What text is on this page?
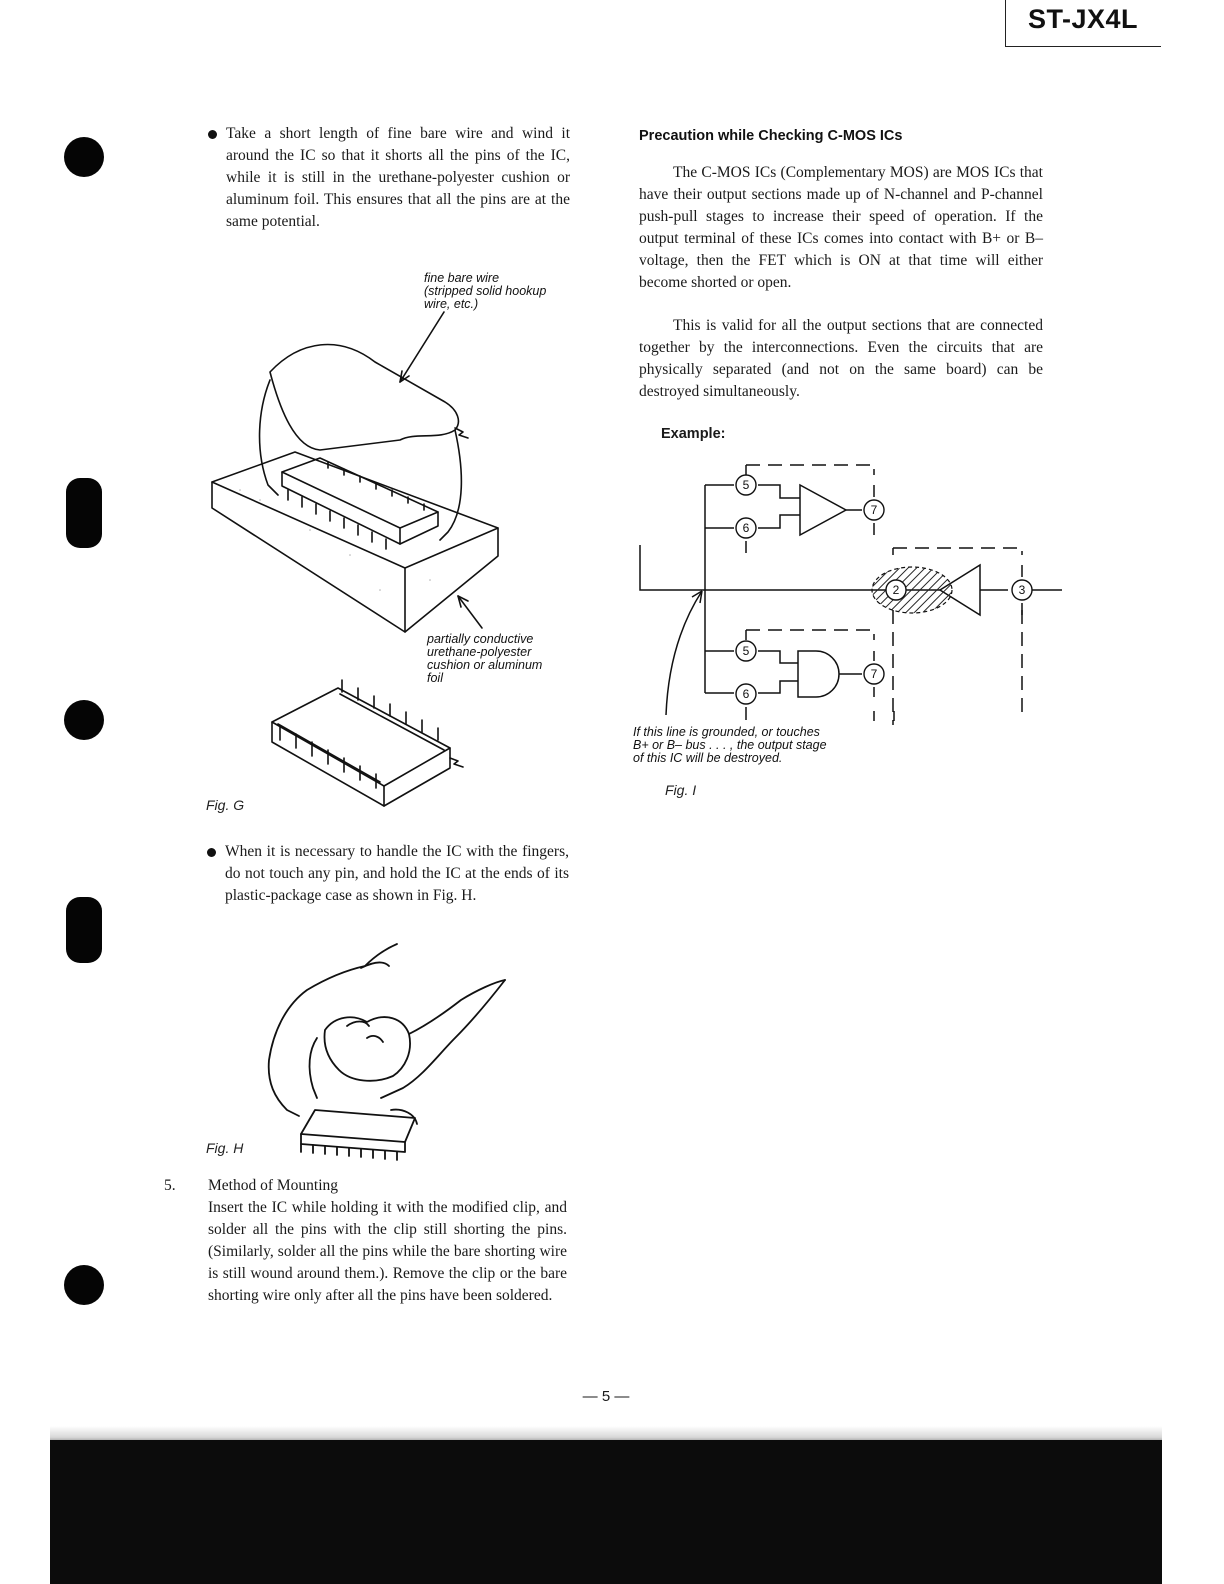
ST-JX4L
Take a short length of fine bare wire and wind it around the IC so that it shorts all the pins of the IC, while it is still in the urethane-polyester cushion or aluminum foil. This ensures that all the pins are at the same potential.
fine bare wire
(stripped solid hookup
wire, etc.)
partially conductive
urethane-polyester
cushion or aluminum
foil
Fig. G
When it is necessary to handle the IC with the fingers, do not touch any pin, and hold the IC at the ends of its plastic-package case as shown in Fig. H.
Fig. H
5. Method of Mounting
Insert the IC while holding it with the modified clip, and solder all the pins with the clip still shorting the pins. (Similarly, solder all the pins while the bare shorting wire is still wound around them.). Remove the clip or the bare shorting wire only after all the pins have been soldered.
Precaution while Checking C-MOS ICs
The C-MOS ICs (Complementary MOS) are MOS ICs that have their output sections made up of N-channel and P-channel push-pull stages to increase their speed of operation. If the output terminal of these ICs comes into contact with B+ or B– voltage, then the FET which is ON at that time will either become shorted or open.
This is valid for all the output sections that are connected together by the interconnections. Even the circuits that are physically separated (and not on the same board) can be destroyed simultaneously.
Example:
5
6
7
2	3
5
6
7
If this line is grounded, or touches
B+ or B– bus . . . , the output stage
of this IC will be destroyed.
Fig. I
— 5 —
